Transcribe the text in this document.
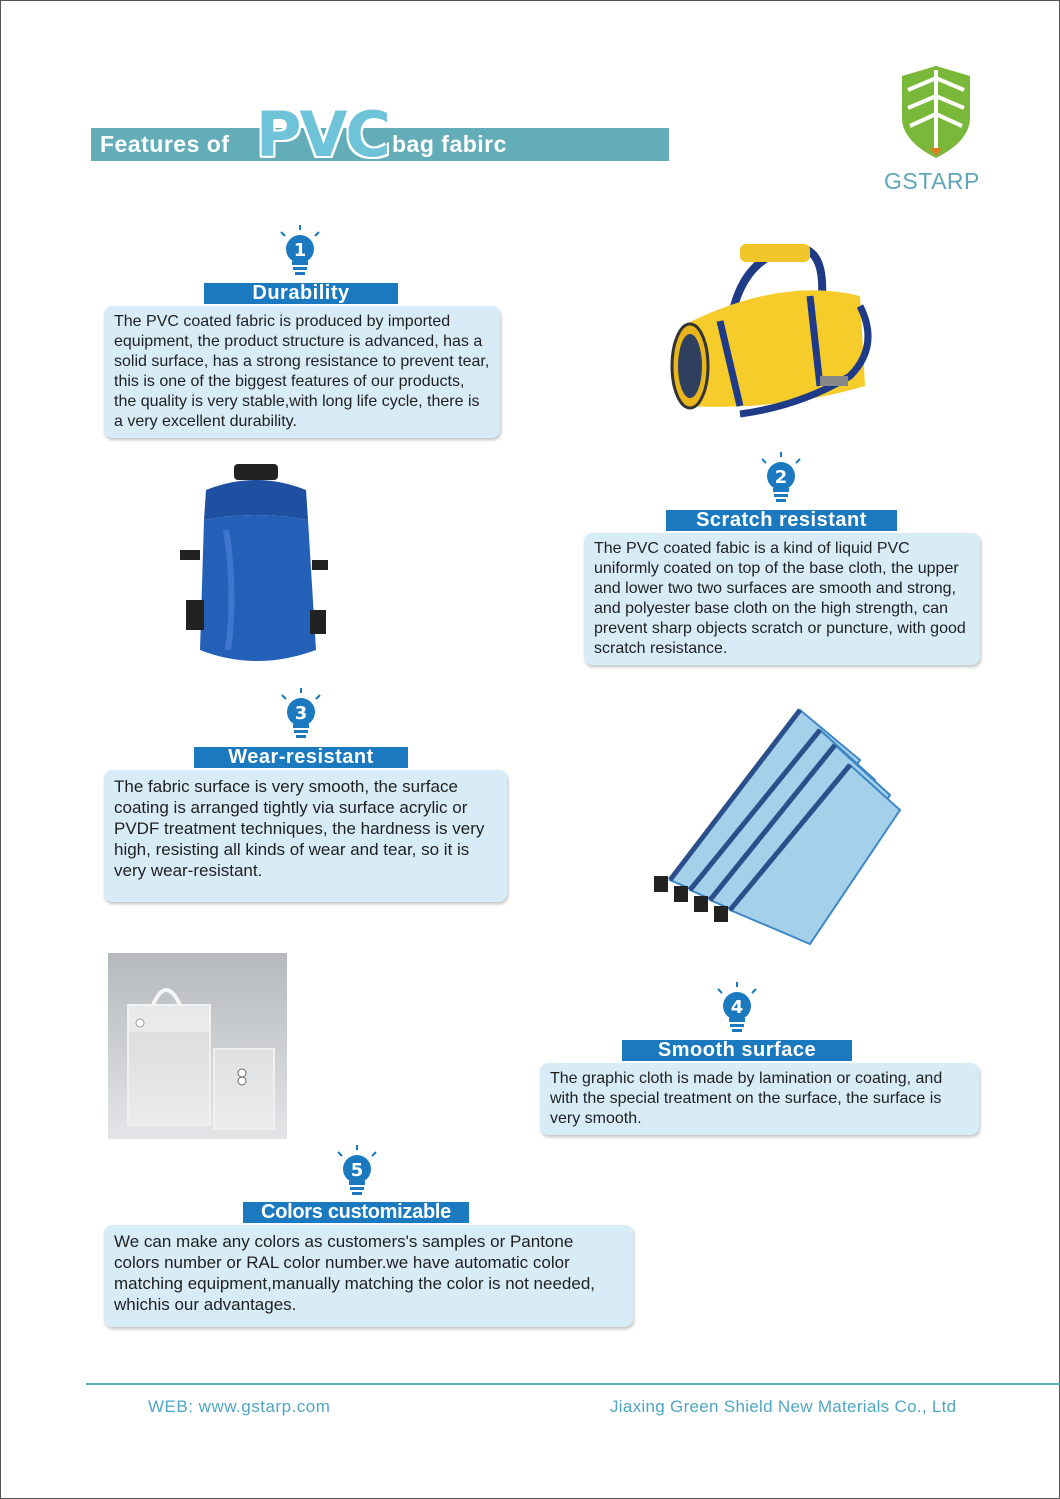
Features of PVC bag fabirc
GSTARP
1
Durability
The PVC coated fabric is produced by imported equipment, the product structure is advanced, has a solid surface, has a strong resistance to prevent tear, this is one of the biggest features of our products, the quality is very stable,with long life cycle, there is a very excellent durability.
2
Scratch resistant
The PVC coated fabic is a kind of liquid PVC uniformly coated on top of the base cloth, the upper and lower two two surfaces are smooth and strong, and polyester base cloth on the high strength, can prevent sharp objects scratch or puncture, with good scratch resistance.
3
Wear-resistant
The fabric surface is very smooth, the surface coating is arranged tightly via surface acrylic or PVDF treatment techniques, the hardness is very high, resisting all kinds of wear and tear, so it is very wear-resistant.
4
Smooth surface
The graphic cloth is made by lamination or coating, and with the special treatment on the surface, the surface is very smooth.
5
Colors customizable
We can make any colors as customers's samples or Pantone colors number or RAL color number.we have automatic color matching equipment,manually matching the color is not needed, whichis our advantages.
WEB: www.gstarp.com	Jiaxing Green Shield New Materials Co., Ltd
